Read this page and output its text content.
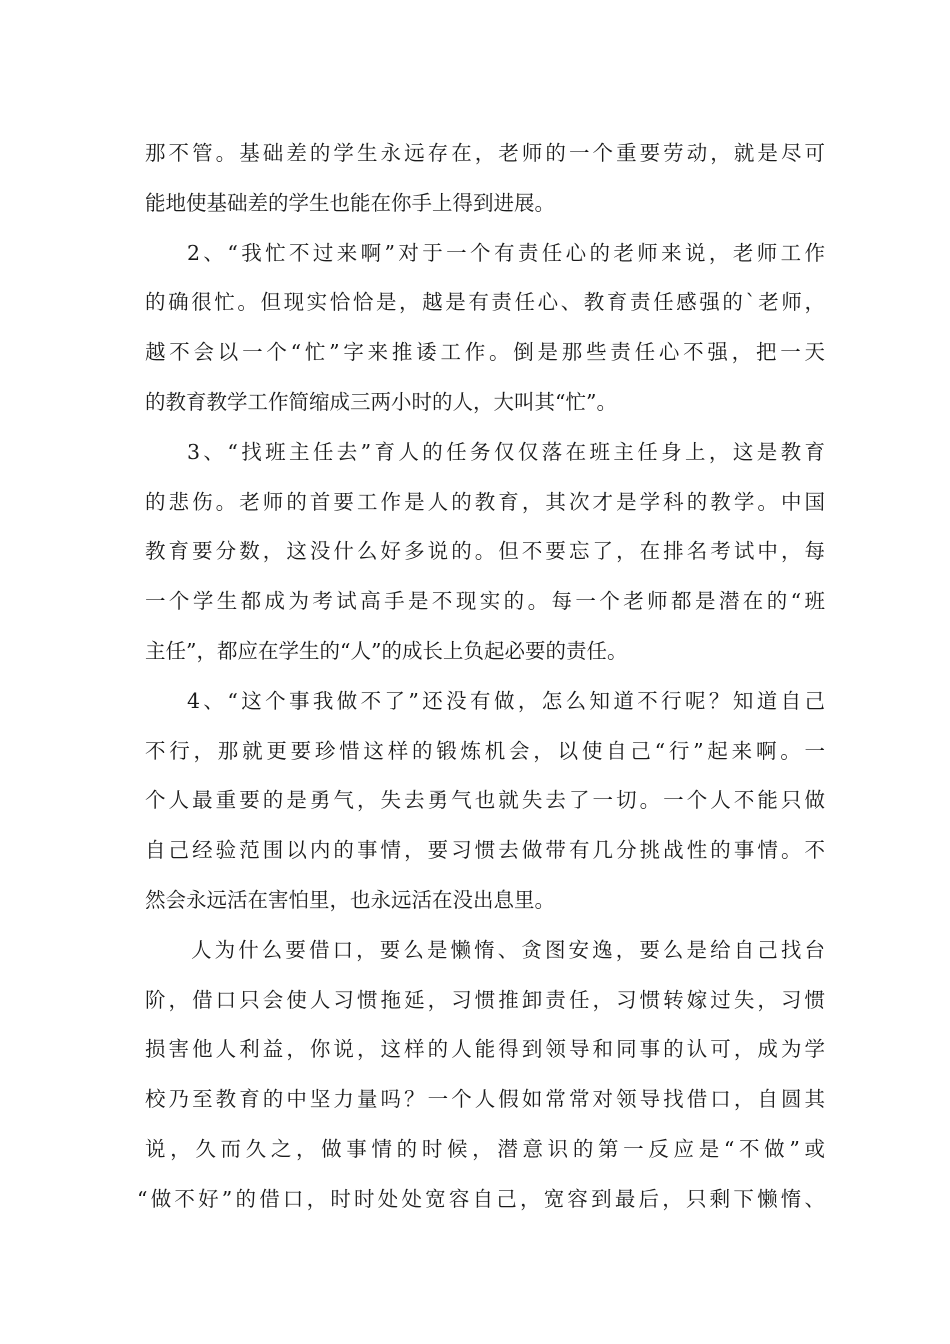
那不管。基础差的学生永远存在，老师的一个重要劳动，就是尽可
能地使基础差的学生也能在你手上得到进展。
2、“我忙不过来啊”对于一个有责任心的老师来说，老师工作
的确很忙。但现实恰恰是，越是有责任心、教育责任感强的`老师，
越不会以一个“忙”字来推诿工作。倒是那些责任心不强，把一天
的教育教学工作简缩成三两小时的人，大叫其“忙”。
3、“找班主任去”育人的任务仅仅落在班主任身上，这是教育
的悲伤。老师的首要工作是人的教育，其次才是学科的教学。中国
教育要分数，这没什么好多说的。但不要忘了，在排名考试中，每
一个学生都成为考试高手是不现实的。每一个老师都是潜在的“班
主任”，都应在学生的“人”的成长上负起必要的责任。
4、“这个事我做不了”还没有做，怎么知道不行呢？知道自己
不行，那就更要珍惜这样的锻炼机会，以使自己“行”起来啊。一
个人最重要的是勇气，失去勇气也就失去了一切。一个人不能只做
自己经验范围以内的事情，要习惯去做带有几分挑战性的事情。不
然会永远活在害怕里，也永远活在没出息里。
人为什么要借口，要么是懒惰、贪图安逸，要么是给自己找台
阶，借口只会使人习惯拖延，习惯推卸责任，习惯转嫁过失，习惯
损害他人利益，你说，这样的人能得到领导和同事的认可，成为学
校乃至教育的中坚力量吗？一个人假如常常对领导找借口，自圆其
说，久而久之，做事情的时候，潜意识的第一反应是“不做”或
“做不好”的借口，时时处处宽容自己，宽容到最后，只剩下懒惰、
